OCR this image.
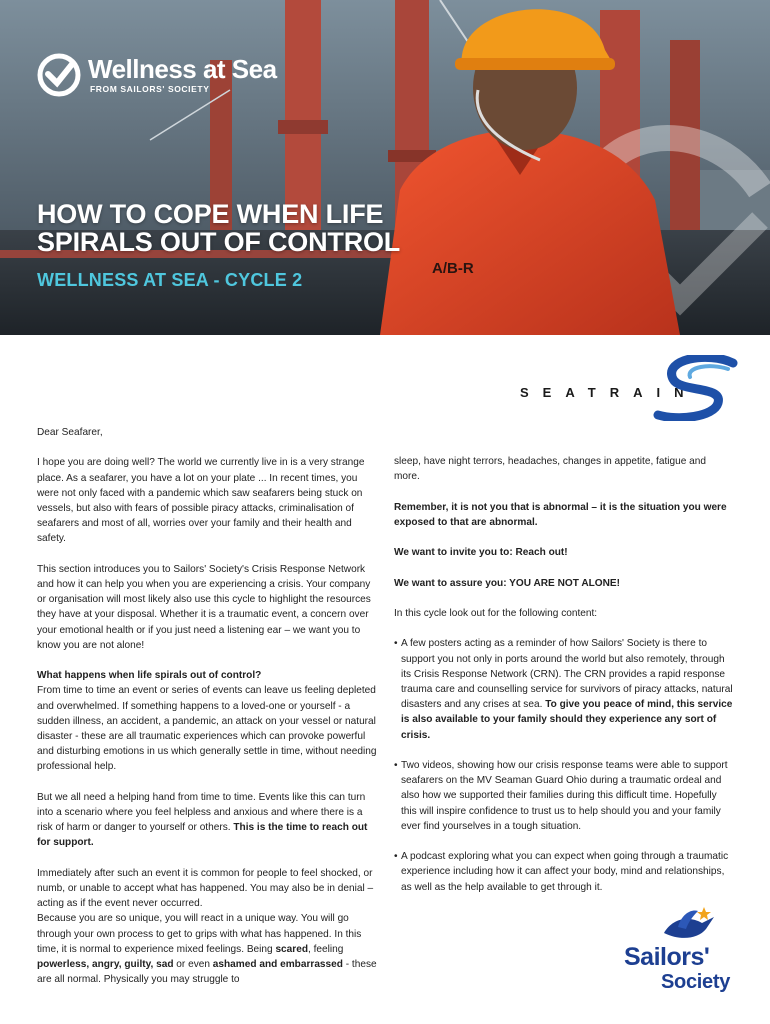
A/B-R
Wellness at Sea
FROM SAILORS' SOCIETY
HOW TO COPE WHEN LIFE
SPIRALS OUT OF CONTROL
WELLNESS AT SEA - CYCLE 2
SEATRAIN

Dear Seafarer,

I hope you are doing well? The world we currently live in is a very strange place. As a seafarer, you have a lot on your plate ... In recent times, you were not only faced with a pandemic which saw seafarers being stuck on vessels, but also with fears of possible piracy attacks, criminalisation of seafarers and most of all, worries over your family and their health and safety.

This section introduces you to Sailors' Society's Crisis Response Network and how it can help you when you are experiencing a crisis. Your company or organisation will most likely also use this cycle to highlight the resources they have at your disposal. Whether it is a traumatic event, a concern over your emotional health or if you just need a listening ear – we want you to know you are not alone!

What happens when life spirals out of control?
From time to time an event or series of events can leave us feeling depleted and overwhelmed. If something happens to a loved-one or yourself - a sudden illness, an accident, a pandemic, an attack on your vessel or natural disaster - these are all traumatic experiences which can provoke powerful and disturbing emotions in us which generally settle in time, without needing professional help.

But we all need a helping hand from time to time. Events like this can turn into a scenario where you feel helpless and anxious and where there is a risk of harm or danger to yourself or others. This is the time to reach out for support.

Immediately after such an event it is common for people to feel shocked, or numb, or unable to accept what has happened. You may also be in denial – acting as if the event never occurred.
Because you are so unique, you will react in a unique way. You will go through your own process to get to grips with what has happened. In this time, it is normal to experience mixed feelings. Being scared, feeling powerless, angry, guilty, sad or even ashamed and embarrassed - these are all normal. Physically you may struggle to

sleep, have night terrors, headaches, changes in appetite, fatigue and more.

Remember, it is not you that is abnormal – it is the situation you were exposed to that are abnormal.

We want to invite you to: Reach out!

We want to assure you: YOU ARE NOT ALONE!

In this cycle look out for the following content:

• A few posters acting as a reminder of how Sailors' Society is there to support you not only in ports around the world but also remotely, through its Crisis Response Network (CRN). The CRN provides a rapid response trauma care and counselling service for survivors of piracy attacks, natural disasters and any crises at sea. To give you peace of mind, this service is also available to your family should they experience any sort of crisis.
• Two videos, showing how our crisis response teams were able to support seafarers on the MV Seaman Guard Ohio during a traumatic ordeal and also how we supported their families during this difficult time. Hopefully this will inspire confidence to trust us to help should you and your family ever find yourselves in a tough situation.
• A podcast exploring what you can expect when going through a traumatic experience including how it can affect your body, mind and relationships, as well as the help available to get through it.
Sailors'
Society
